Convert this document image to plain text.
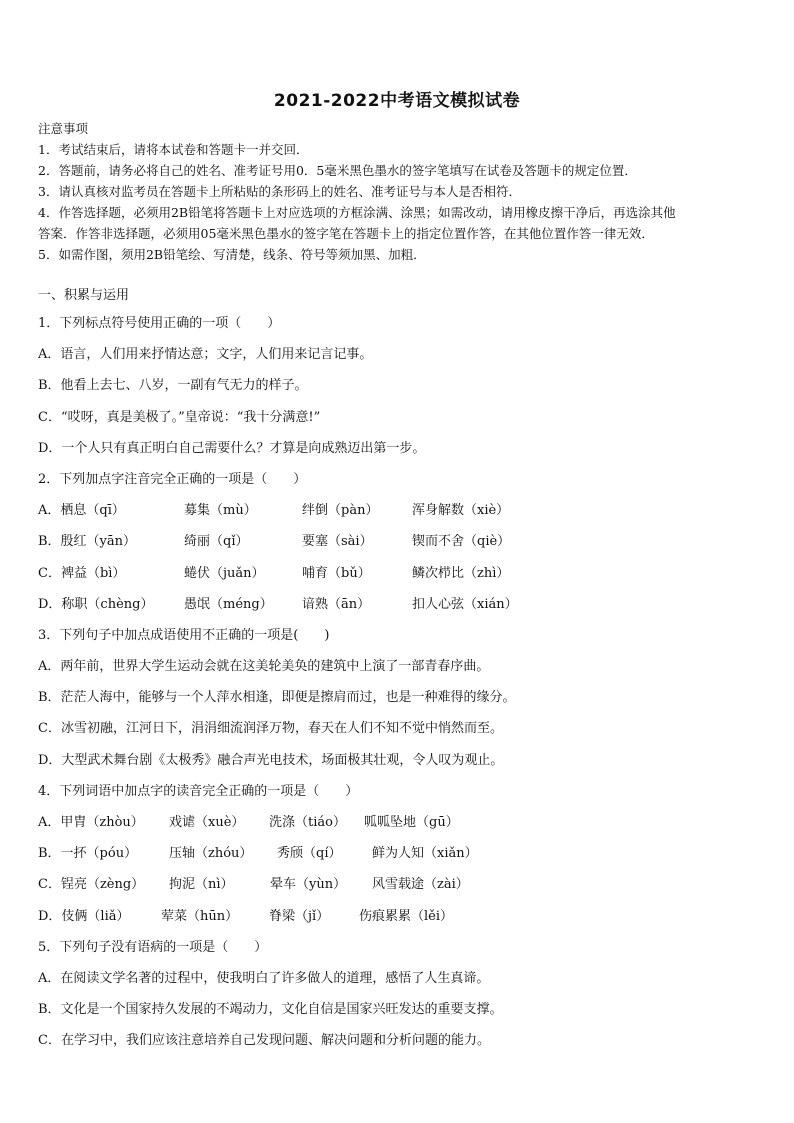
2021-2022中考语文模拟试卷

注意事项

1．考试结束后，请将本试卷和答题卡一并交回．

2．答题前，请务必将自己的姓名、准考证号用0．5毫米黑色墨水的签字笔填写在试卷及答题卡的规定位置．

3．请认真核对监考员在答题卡上所粘贴的条形码上的姓名、准考证号与本人是否相符．

4．作答选择题，必须用2B铅笔将答题卡上对应选项的方框涂满、涂黑；如需改动，请用橡皮擦干净后，再选涂其他

答案．作答非选择题，必须用05毫米黑色墨水的签字笔在答题卡上的指定位置作答，在其他位置作答一律无效．

5．如需作图，须用2B铅笔绘、写清楚，线条、符号等须加黑、加粗．

一、积累与运用
1．下列标点符号使用正确的一项（　　）
A．语言，人们用来抒情达意；文字，人们用来记言记事。
B．他看上去七、八岁，一副有气无力的样子。
C．“哎呀，真是美极了。”皇帝说：“我十分满意!”
D．一个人只有真正明白自己需要什么？才算是向成熟迈出第一步。
2．下列加点字注音完全正确的一项是（　　）
A．栖息（qī）	募集（mù）	绊倒（pàn）	浑身解数（xiè）
B．殷红（yān）	绮丽（qǐ）	要塞（sài）	锲而不舍（qiè）
C．裨益（bì）	蜷伏（juǎn）	哺育（bǔ）	鳞次栉比（zhì）
D．称职（chèng） 愚氓（méng） 谙熟（ān）	扣人心弦（xián）
3．下列句子中加点成语使用不正确的一项是(　　)
A．两年前，世界大学生运动会就在这美轮美奂的建筑中上演了一部青春序曲。
B．茫茫人海中，能够与一个人萍水相逢，即便是擦肩而过，也是一种难得的缘分。
C．冰雪初融，江河日下，涓涓细流润泽万物，春天在人们不知不觉中悄然而至。
D．大型武术舞台剧《太极秀》融合声光电技术，场面极其壮观，令人叹为观止。
4．下列词语中加点字的读音完全正确的一项是（　　）
A．甲胄（zhòu） 戏谑（xuè） 洗涤（tiáo） 呱呱坠地（gū）
B．一抔（póu） 压轴（zhóu） 秀颀（qí） 鲜为人知（xiǎn）
C．锃亮（zèng） 拘泥（nì）	晕车（yùn） 风雪载途（zài）
D．伎俩（liǎ） 荤菜（hūn） 脊梁（jǐ） 伤痕累累（lěi）
5．下列句子没有语病的一项是（　　）
A．在阅读文学名著的过程中，使我明白了许多做人的道理，感悟了人生真谛。
B．文化是一个国家持久发展的不竭动力，文化自信是国家兴旺发达的重要支撑。
C．在学习中，我们应该注意培养自己发现问题、解决问题和分析问题的能力。
